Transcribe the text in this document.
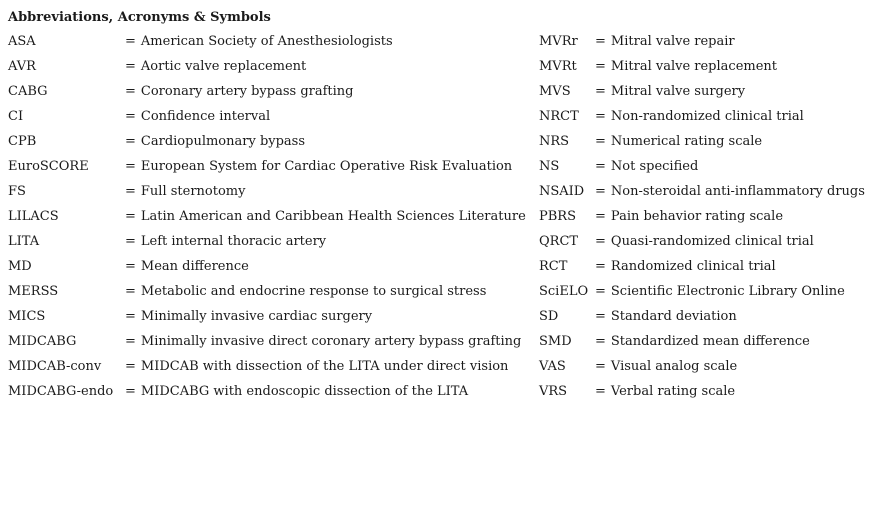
Abbreviations, Acronyms & Symbols
ASA	= American Society of Anesthesiologists	MVRr = Mitral valve repair
AVR	= Aortic valve replacement	MVRt = Mitral valve replacement
CABG	= Coronary artery bypass grafting	MVS = Mitral valve surgery
CI	= Confidence interval	NRCT = Non-randomized clinical trial
CPB	= Cardiopulmonary bypass	NRS = Numerical rating scale
EuroSCORE	= European System for Cardiac Operative Risk Evaluation NS	= Not specified
FS	= Full sternotomy	NSAID = Non-steroidal anti-inflammatory drugs
LILACS	= Latin American and Caribbean Health Sciences Literature PBRS = Pain behavior rating scale
LITA	= Left internal thoracic artery	QRCT = Quasi-randomized clinical trial
MD	= Mean difference	RCT = Randomized clinical trial
MERSS	= Metabolic and endocrine response to surgical stress	SciELO = Scientific Electronic Library Online
MICS	= Minimally invasive cardiac surgery	SD	= Standard deviation
MIDCABG	= Minimally invasive direct coronary artery bypass grafting SMD = Standardized mean difference
MIDCAB-conv = MIDCAB with dissection of the LITA under direct vision VAS = Visual analog scale
MIDCABG-endo = MIDCABG with endoscopic dissection of the LITA	VRS = Verbal rating scale
